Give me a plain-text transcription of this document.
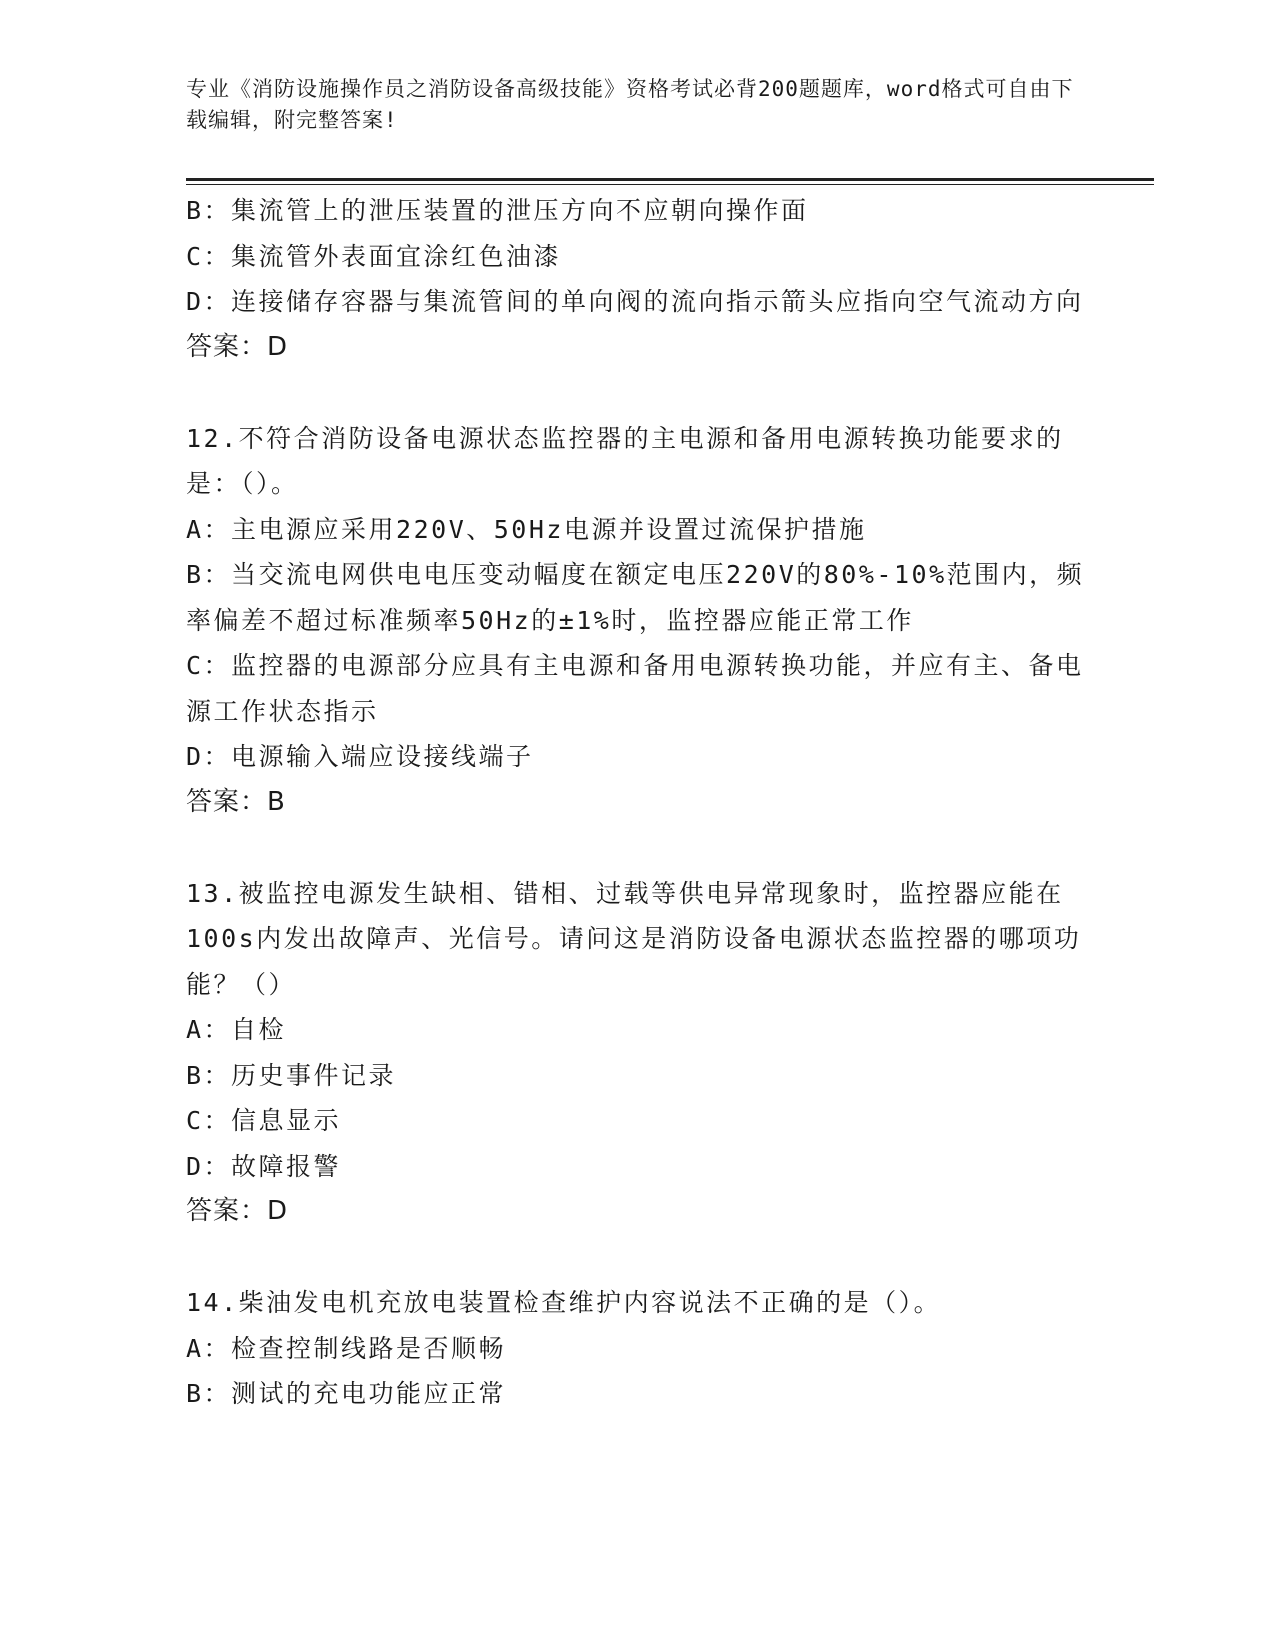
专业《消防设施操作员之消防设备高级技能》资格考试必背200题题库，word格式可自由下载编辑，附完整答案!

B：集流管上的泄压装置的泄压方向不应朝向操作面

C：集流管外表面宜涂红色油漆

D：连接储存容器与集流管间的单向阀的流向指示箭头应指向空气流动方向

答案：D

12.不符合消防设备电源状态监控器的主电源和备用电源转换功能要求的是：（）。

A：主电源应采用220V、50Hz电源并设置过流保护措施

B：当交流电网供电电压变动幅度在额定电压220V的80%-10%范围内，频率偏差不超过标准频率50Hz的±1%时，监控器应能正常工作

C：监控器的电源部分应具有主电源和备用电源转换功能，并应有主、备电源工作状态指示

D：电源输入端应设接线端子

答案：B

13.被监控电源发生缺相、错相、过载等供电异常现象时，监控器应能在100s内发出故障声、光信号。请问这是消防设备电源状态监控器的哪项功能？（）

A：自检

B：历史事件记录

C：信息显示

D：故障报警

答案：D

14.柴油发电机充放电装置检查维护内容说法不正确的是（）。

A：检查控制线路是否顺畅

B：测试的充电功能应正常
